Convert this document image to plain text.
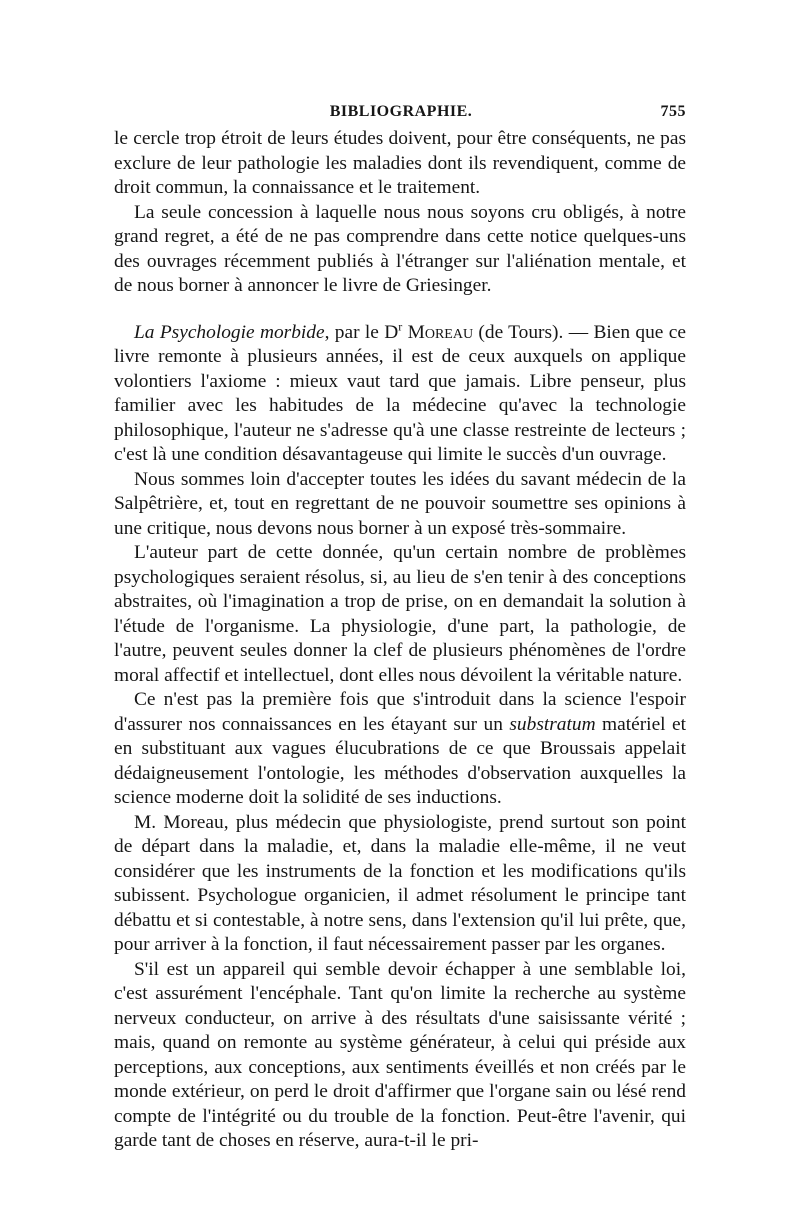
BIBLIOGRAPHIE.	755

le cercle trop étroit de leurs études doivent, pour être conséquents, ne pas exclure de leur pathologie les maladies dont ils revendiquent, comme de droit commun, la connaissance et le traitement.

La seule concession à laquelle nous nous soyons cru obligés, à notre grand regret, a été de ne pas comprendre dans cette notice quelques-uns des ouvrages récemment publiés à l'étranger sur l'aliénation mentale, et de nous borner à annoncer le livre de Griesinger.

La Psychologie morbide, par le $D^r$ Moreau (de Tours). — Bien que ce livre remonte à plusieurs années, il est de ceux auxquels on applique volontiers l'axiome : mieux vaut tard que jamais. Libre penseur, plus familier avec les habitudes de la médecine qu'avec la technologie philosophique, l'auteur ne s'adresse qu'à une classe restreinte de lecteurs ; c'est là une condition désavantageuse qui limite le succès d'un ouvrage.

Nous sommes loin d'accepter toutes les idées du savant médecin de la Salpêtrière, et, tout en regrettant de ne pouvoir soumettre ses opinions à une critique, nous devons nous borner à un exposé très-sommaire.

L'auteur part de cette donnée, qu'un certain nombre de problèmes psychologiques seraient résolus, si, au lieu de s'en tenir à des conceptions abstraites, où l'imagination a trop de prise, on en demandait la solution à l'étude de l'organisme. La physiologie, d'une part, la pathologie, de l'autre, peuvent seules donner la clef de plusieurs phénomènes de l'ordre moral affectif et intellectuel, dont elles nous dévoilent la véritable nature.

Ce n'est pas la première fois que s'introduit dans la science l'espoir d'assurer nos connaissances en les étayant sur un substratum matériel et en substituant aux vagues élucubrations de ce que Broussais appelait dédaigneusement l'ontologie, les méthodes d'observation auxquelles la science moderne doit la solidité de ses inductions.

M. Moreau, plus médecin que physiologiste, prend surtout son point de départ dans la maladie, et, dans la maladie elle-même, il ne veut considérer que les instruments de la fonction et les modifications qu'ils subissent. Psychologue organicien, il admet résolument le principe tant débattu et si contestable, à notre sens, dans l'extension qu'il lui prête, que, pour arriver à la fonction, il faut nécessairement passer par les organes.

S'il est un appareil qui semble devoir échapper à une semblable loi, c'est assurément l'encéphale. Tant qu'on limite la recherche au système nerveux conducteur, on arrive à des résultats d'une saisissante vérité ; mais, quand on remonte au système générateur, à celui qui préside aux perceptions, aux conceptions, aux sentiments éveillés et non créés par le monde extérieur, on perd le droit d'affirmer que l'organe sain ou lésé rend compte de l'intégrité ou du trouble de la fonction. Peut-être l'avenir, qui garde tant de choses en réserve, aura-t-il le pri-
